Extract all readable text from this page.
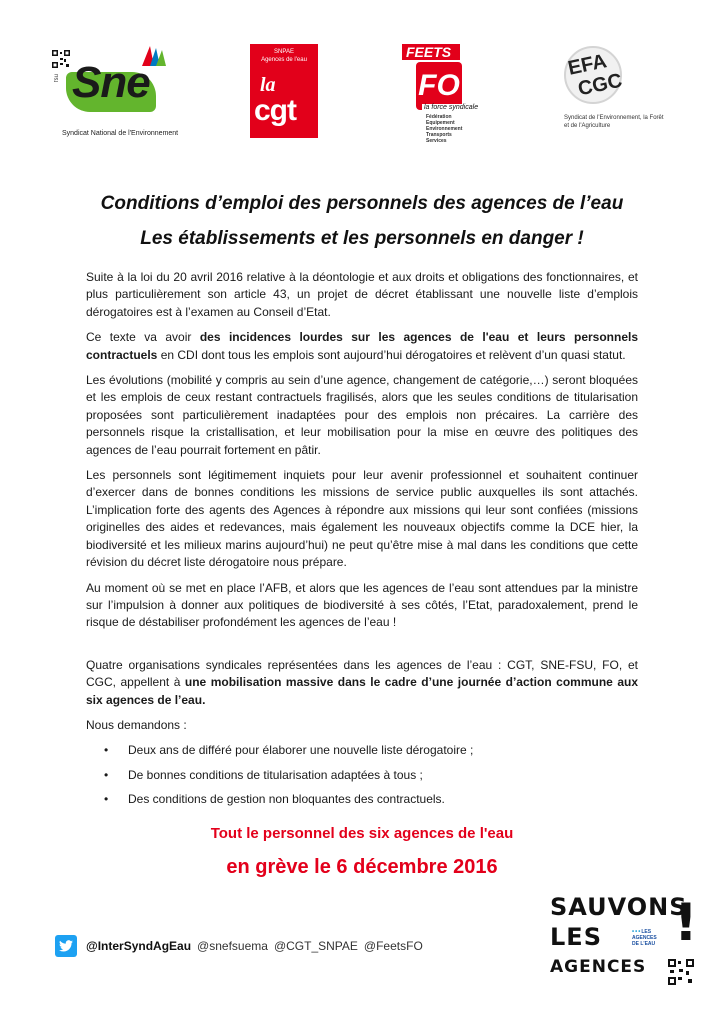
Sne
fsu
Syndicat National de l'Environnement
SNPAE
Agences de l'eau
la
cgt
FEETS
FO
la force syndicale
Fédération
Equipement
Environnement
Transports
Services
EFA
CGC
Syndicat de l'Environnement, la Forêt et de l'Agriculture
Conditions d’emploi des personnels des agences de l’eau
Les établissements et les personnels en danger !

Suite à la loi du 20 avril 2016 relative à la déontologie et aux droits et obligations des fonctionnaires, et plus particulièrement son article 43, un projet de décret établissant une nouvelle liste d’emplois dérogatoires est à l’examen au Conseil d’Etat.

Ce texte va avoir des incidences lourdes sur les agences de l'eau et leurs personnels contractuels en CDI dont tous les emplois sont aujourd’hui dérogatoires et relèvent d’un quasi statut.

Les évolutions (mobilité y compris au sein d’une agence, changement de catégorie,…) seront bloquées et les emplois de ceux restant contractuels fragilisés, alors que les seules conditions de titularisation proposées sont particulièrement inadaptées pour des emplois non précaires. La carrière des personnels risque la cristallisation, et leur mobilisation pour la mise en œuvre des politiques des agences de l’eau pourrait fortement en pâtir.

Les personnels sont légitimement inquiets pour leur avenir professionnel et souhaitent continuer d’exercer dans de bonnes conditions les missions de service public auxquelles ils sont attachés. L’implication forte des agents des Agences à répondre aux missions qui leur sont confiées (missions originelles des aides et redevances, mais également les nouveaux objectifs comme la DCE hier, la biodiversité et les milieux marins aujourd’hui) ne peut qu’être mise à mal dans les conditions que cette révision du décret liste dérogatoire nous prépare.

Au moment où se met en place l’AFB, et alors que les agences de l’eau sont attendues par la ministre sur l’impulsion à donner aux politiques de biodiversité à ses côtés, l’Etat, paradoxalement, prend le risque de déstabiliser profondément les agences de l’eau !

Quatre organisations syndicales représentées dans les agences de l’eau : CGT, SNE-FSU, FO, et CGC, appellent à une mobilisation massive dans le cadre d’une journée d’action commune aux six agences de l’eau.

Nous demandons :

• Deux ans de différé pour élaborer une nouvelle liste dérogatoire ;
• De bonnes conditions de titularisation adaptées à tous ;
• Des conditions de gestion non bloquantes des contractuels.
Tout le personnel des six agences de l'eau
en grève le 6 décembre 2016
@InterSyndAgEau @snefsuema @CGT_SNPAE @FeetsFO
SAUVONS
LES
AGENCES
!
•••LES
AGENCES
DE L'EAU
